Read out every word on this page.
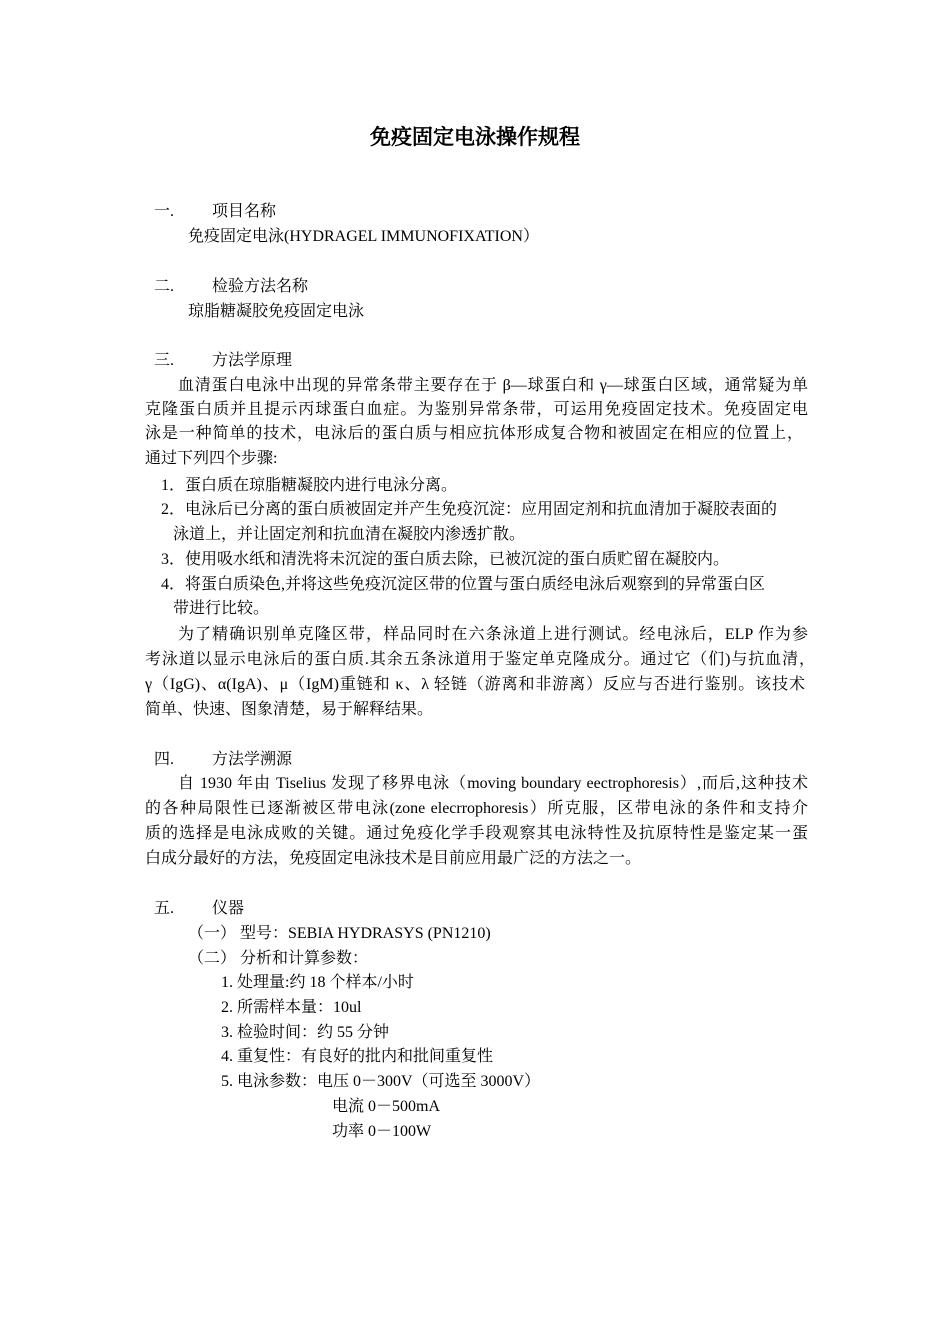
免疫固定电泳操作规程
一. 项目名称
免疫固定电泳(HYDRAGEL IMMUNOFIXATION）
二. 检验方法名称
琼脂糖凝胶免疫固定电泳
三. 方法学原理
血清蛋白电泳中出现的异常条带主要存在于 β—球蛋白和 γ—球蛋白区域，通常疑为单
克隆蛋白质并且提示丙球蛋白血症。为鉴别异常条带，可运用免疫固定技术。免疫固定电
泳是一种简单的技术，电泳后的蛋白质与相应抗体形成复合物和被固定在相应的位置上，
通过下列四个步骤:
1．蛋白质在琼脂糖凝胶内进行电泳分离。
2．电泳后已分离的蛋白质被固定并产生免疫沉淀：应用固定剂和抗血清加于凝胶表面的
泳道上，并让固定剂和抗血清在凝胶内渗透扩散。
3．使用吸水纸和清洗将未沉淀的蛋白质去除，已被沉淀的蛋白质贮留在凝胶内。
4．将蛋白质染色,并将这些免疫沉淀区带的位置与蛋白质经电泳后观察到的异常蛋白区
带进行比较。
为了精确识别单克隆区带，样品同时在六条泳道上进行测试。经电泳后，ELP 作为参
考泳道以显示电泳后的蛋白质.其余五条泳道用于鉴定单克隆成分。通过它（们)与抗血清，
γ（IgG)、α(IgA)、μ（IgM)重链和 κ、λ 轻链（游离和非游离）反应与否进行鉴别。该技术
简单、快速、图象清楚，易于解释结果。
四. 方法学溯源
自 1930 年由 Tiselius 发现了移界电泳（moving boundary eectrophoresis）,而后,这种技术
的各种局限性已逐渐被区带电泳(zone elecrrophoresis）所克服，区带电泳的条件和支持介
质的选择是电泳成败的关键。通过免疫化学手段观察其电泳特性及抗原特性是鉴定某一蛋
白成分最好的方法，免疫固定电泳技术是目前应用最广泛的方法之一。
五. 仪器
（一） 型号：SEBIA HYDRASYS (PN1210)
（二） 分析和计算参数：
1. 处理量:约 18 个样本/小时
2. 所需样本量：10ul
3. 检验时间：约 55 分钟
4. 重复性：有良好的批内和批间重复性
5. 电泳参数：电压 0－300V（可选至 3000V）
电流 0－500mA
功率 0－100W
